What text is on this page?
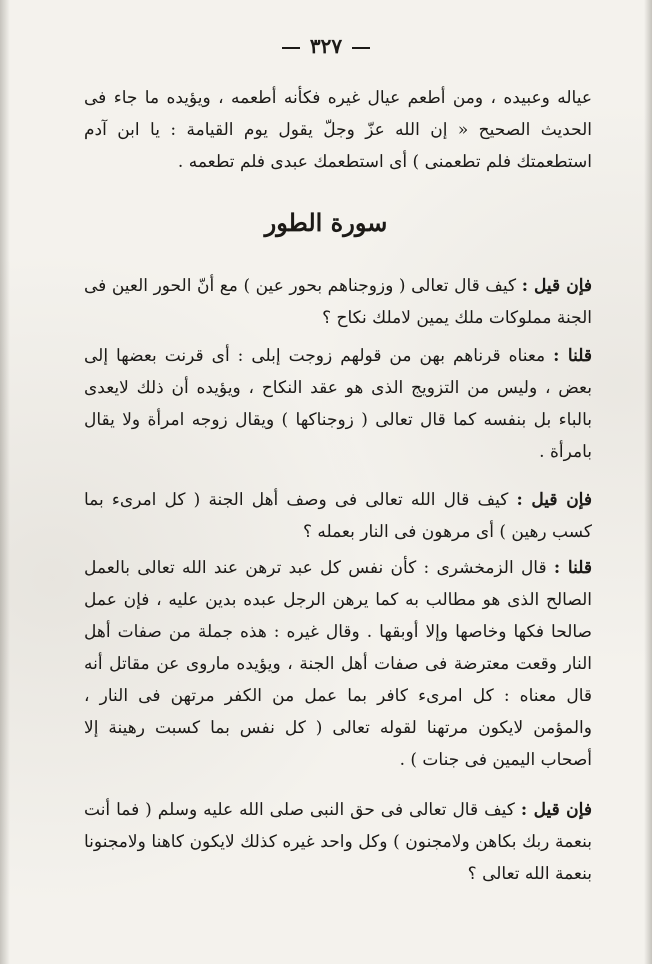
٣٢٧
عياله وعبيده ، ومن أطعم عيال غيره فكأنه أطعمه ، ويؤيده ما جاء فى الحديث الصحيح « إن الله عزّ وجلّ يقول يوم القيامة : يا ابن آدم استطعمتك فلم تطعمنى ) أى استطعمك عبدى فلم تطعمه .
سورة الطور
فإن قيل : كيف قال تعالى ( وزوجناهم بحور عين ) مع أنّ الحور العين فى الجنة مملوكات ملك يمين لاملك نكاح ؟
قلنا : معناه قرناهم بهن من قولهم زوجت إبلى : أى قرنت بعضها إلى بعض ، وليس من التزويج الذى هو عقد النكاح ، ويؤيده أن ذلك لايعدى بالباء بل بنفسه كما قال تعالى ( زوجناكها ) ويقال زوجه امرأة ولا يقال بامرأة .
فإن قيل : كيف قال الله تعالى فى وصف أهل الجنة ( كل امرىء بما كسب رهين ) أى مرهون فى النار بعمله ؟
قلنا : قال الزمخشرى : كأن نفس كل عبد ترهن عند الله تعالى بالعمل الصالح الذى هو مطالب به كما يرهن الرجل عبده بدين عليه ، فإن عمل صالحا فكها وخاصها وإلا أوبقها . وقال غيره : هذه جملة من صفات أهل النار وقعت معترضة فى صفات أهل الجنة ، ويؤيده ماروى عن مقاتل أنه قال معناه : كل امرىء كافر بما عمل من الكفر مرتهن فى النار ، والمؤمن لايكون مرتهنا لقوله تعالى ( كل نفس بما كسبت رهينة إلا أصحاب اليمين فى جنات ) .
فإن قيل : كيف قال تعالى فى حق النبى صلى الله عليه وسلم ( فما أنت بنعمة ربك بكاهن ولامجنون ) وكل واحد غيره كذلك لايكون كاهنا ولامجنونا بنعمة الله تعالى ؟
